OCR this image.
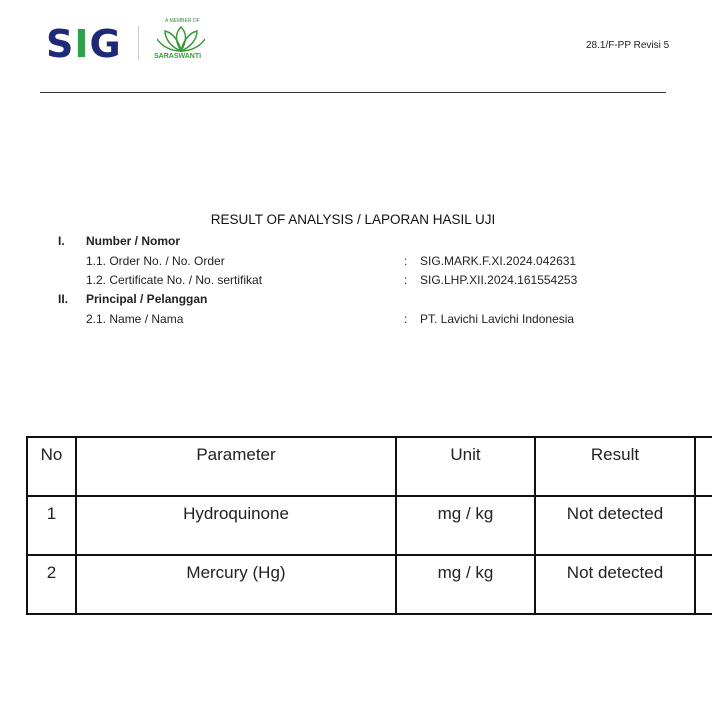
SIG
A MEMBER OF
SARASWANTI
28.1/F-PP Revisi 5
RESULT OF ANALYSIS / LAPORAN HASIL UJI
I. Number / Nomor
1.1. Order No. / No. Order	: SIG.MARK.F.XI.2024.042631
1.2. Certificate No. / No. sertifikat	: SIG.LHP.XII.2024.161554253
II. Principal / Pelanggan
2.1. Name / Nama	: PT. Lavichi Lavichi Indonesia
No	Parameter	Unit	Result	
1	Hydroquinone	mg / kg	Not detected	
2	Mercury (Hg)	mg / kg	Not detected	
